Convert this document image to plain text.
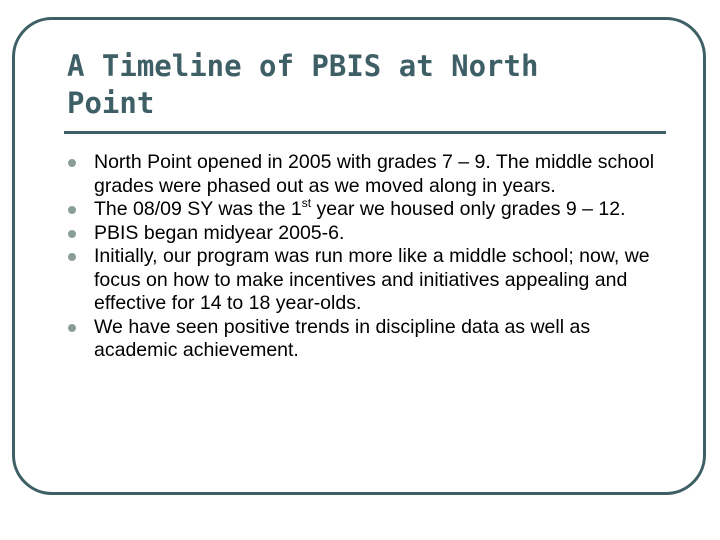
A Timeline of PBIS at North Point
North Point opened in 2005 with grades 7 – 9. The middle school grades were phased out as we moved along in years.
The 08/09 SY was the 1st year we housed only grades 9 – 12.
PBIS began midyear 2005-6.
Initially, our program was run more like a middle school; now, we focus on how to make incentives and initiatives appealing and effective for 14 to 18 year-olds.
We have seen positive trends in discipline data as well as academic achievement.
